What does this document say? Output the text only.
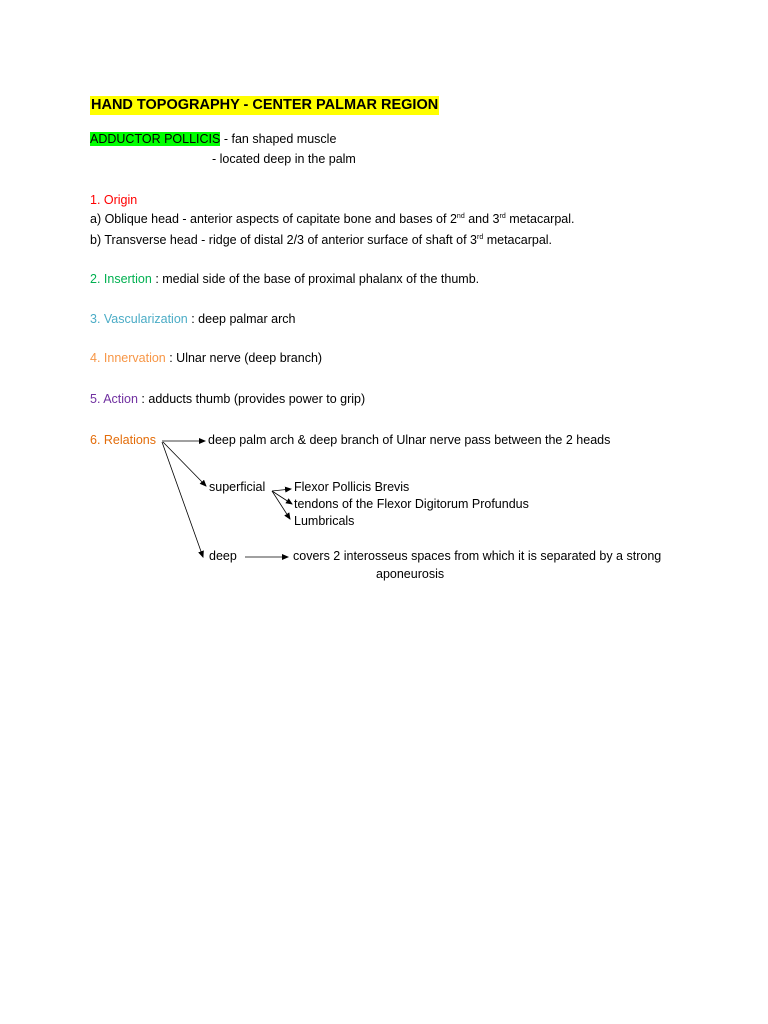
HAND TOPOGRAPHY - CENTER PALMAR REGION
ADDUCTOR POLLICIS - fan shaped muscle
- located deep in the palm
1. Origin
a) Oblique head - anterior aspects of capitate bone and bases of 2nd and 3rd metacarpal.
b) Transverse head - ridge of distal 2/3 of anterior surface of shaft of 3rd metacarpal.
2. Insertion : medial side of the base of proximal phalanx of the thumb.
3. Vascularization : deep palmar arch
4. Innervation : Ulnar nerve (deep branch)
5. Action : adducts thumb (provides power to grip)
6. Relations	deep palm arch & deep branch of Ulnar nerve pass between the 2 heads
superficial Flexor Pollicis Brevis
tendons of the Flexor Digitorum Profundus
Lumbricals
deep	covers 2 interosseus spaces from which it is separated by a strong
aponeurosis
